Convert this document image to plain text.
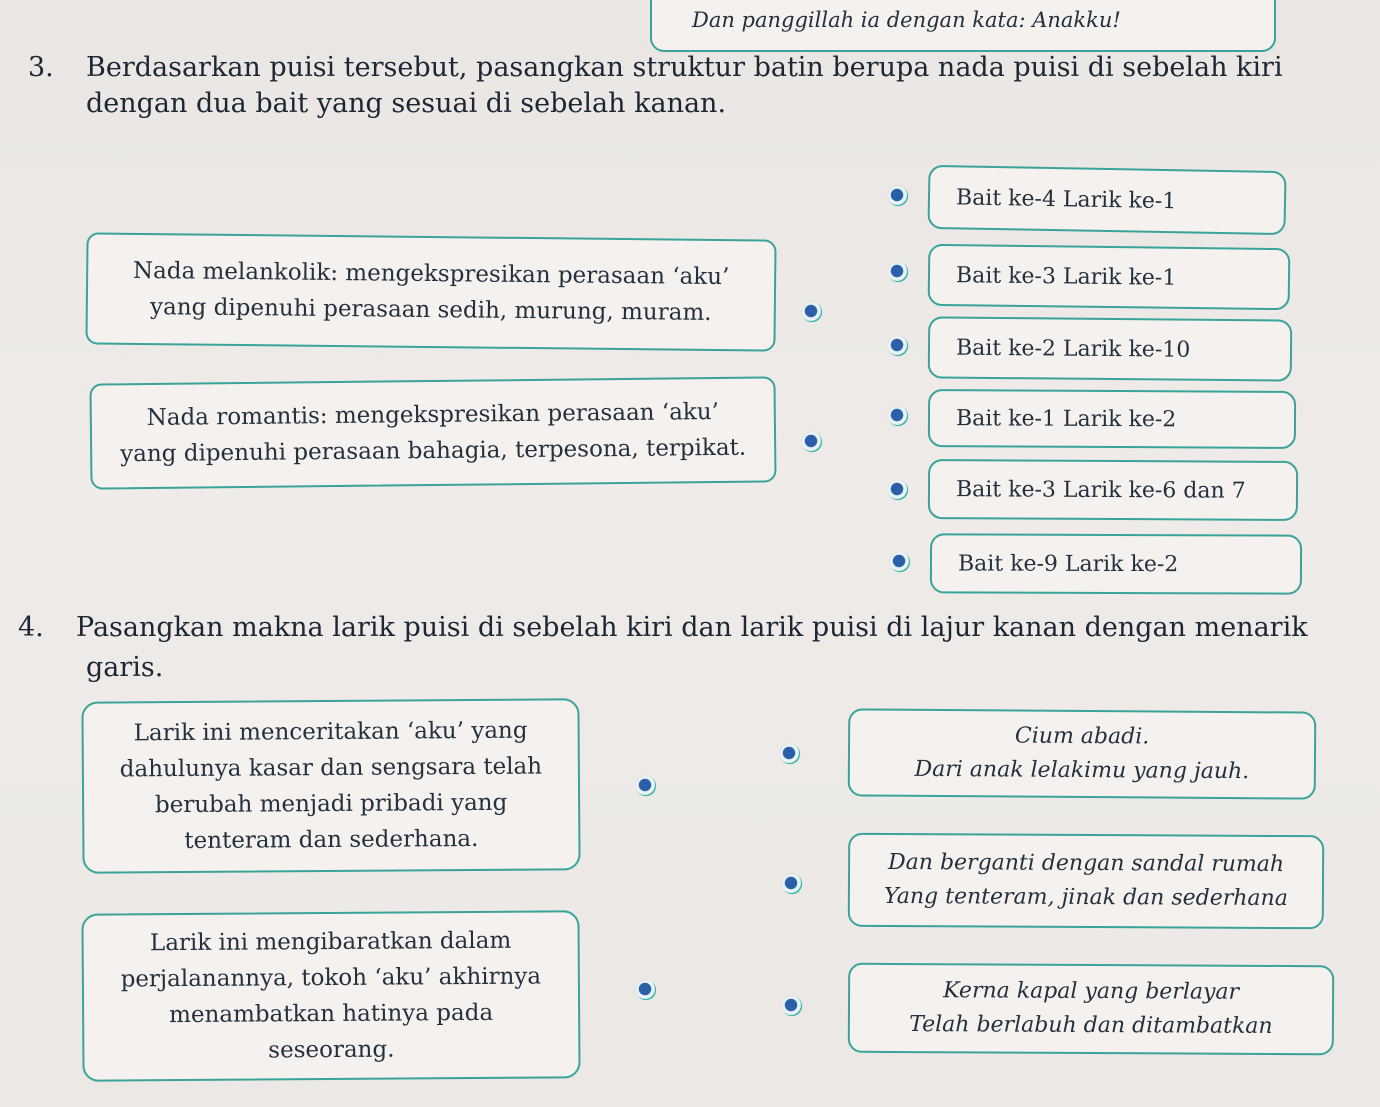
Dan panggillah ia dengan kata: Anakku!
3.	Berdasarkan puisi tersebut, pasangkan struktur batin berupa nada puisi di sebelah kiri dengan dua bait yang sesuai di sebelah kanan.
Nada melankolik: mengekspresikan perasaan ‘aku’
yang dipenuhi perasaan sedih, murung, muram.
Nada romantis: mengekspresikan perasaan ‘aku’
yang dipenuhi perasaan bahagia, terpesona, terpikat.
Bait ke-4 Larik ke-1
Bait ke-3 Larik ke-1
Bait ke-2 Larik ke-10
Bait ke-1 Larik ke-2
Bait ke-3 Larik ke-6 dan 7
Bait ke-9 Larik ke-2
4. Pasangkan makna larik puisi di sebelah kiri dan larik puisi di lajur kanan dengan menarik
garis.
Larik ini menceritakan ‘aku’ yang
dahulunya kasar dan sengsara telah
berubah menjadi pribadi yang
tenteram dan sederhana.
Larik ini mengibaratkan dalam
perjalanannya, tokoh ‘aku’ akhirnya
menambatkan hatinya pada
seseorang.
Cium abadi.
Dari anak lelakimu yang jauh.
Dan berganti dengan sandal rumah
Yang tenteram, jinak dan sederhana
Kerna kapal yang berlayar
Telah berlabuh dan ditambatkan
